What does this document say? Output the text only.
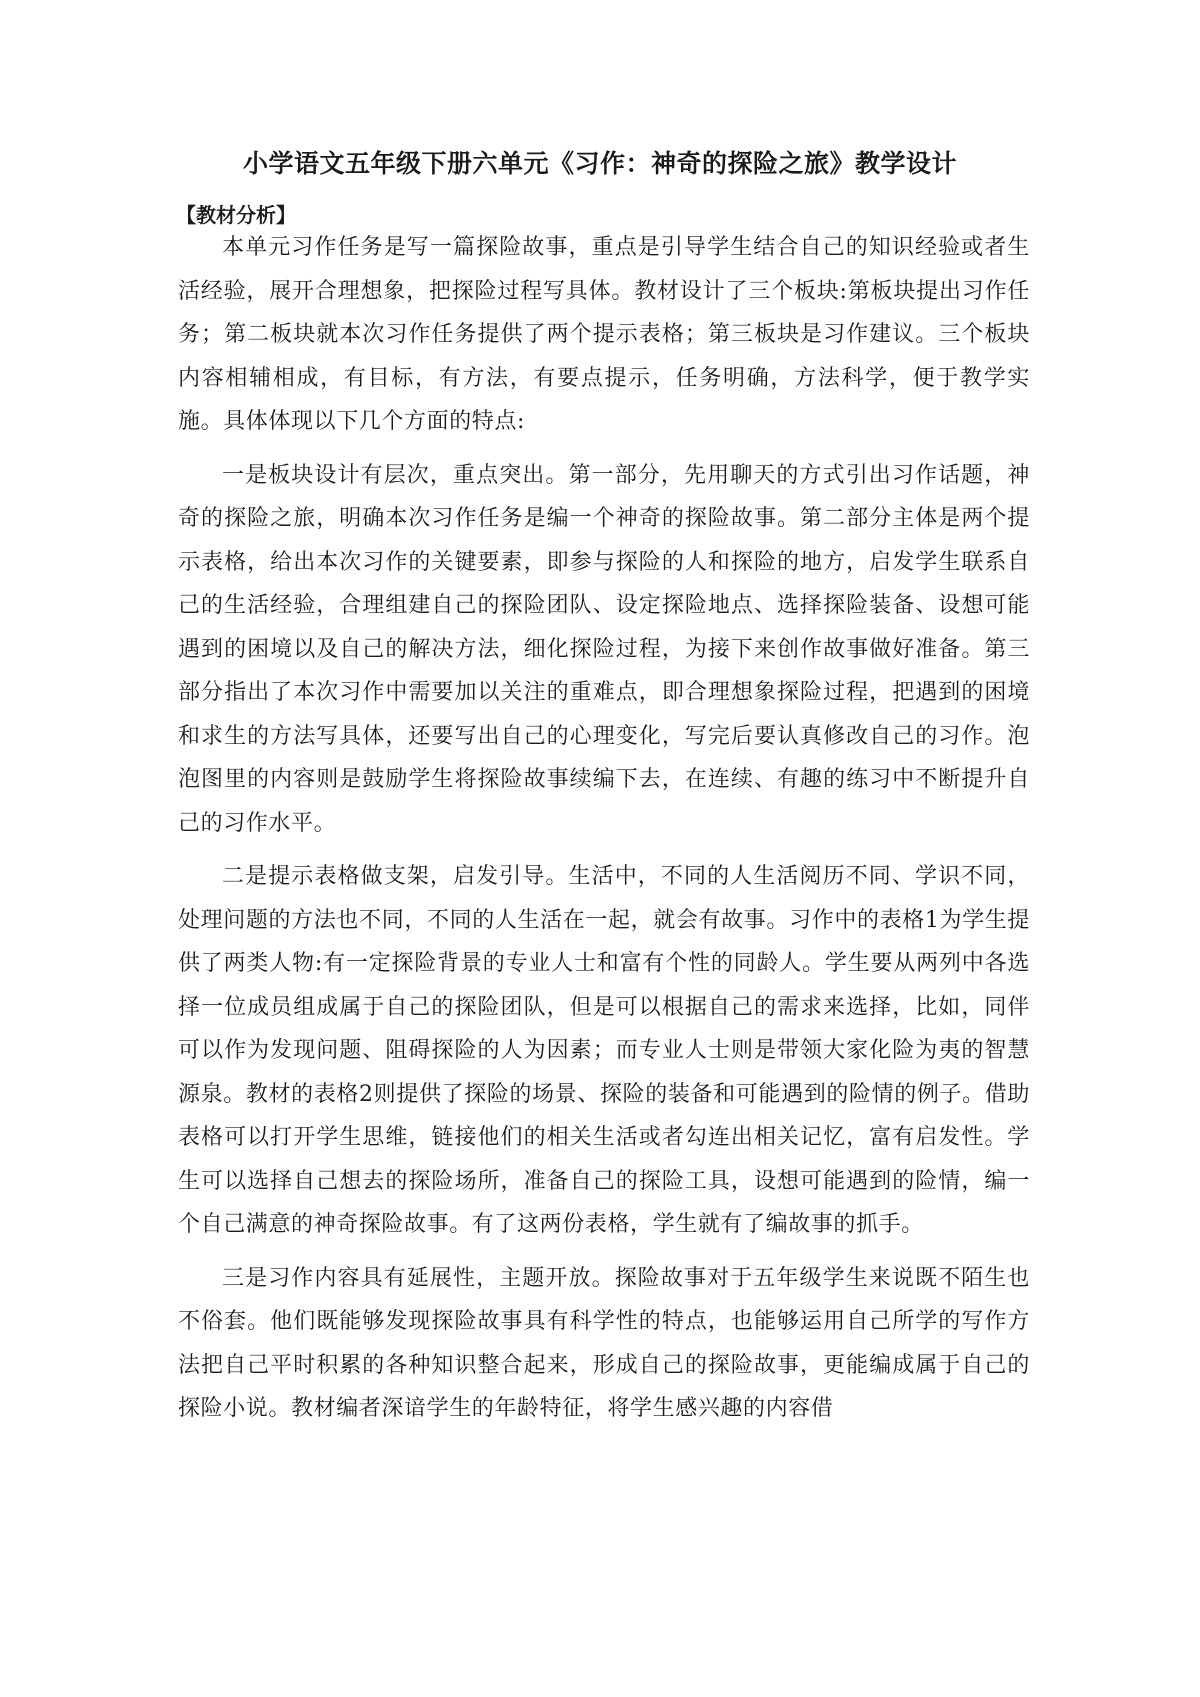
小学语文五年级下册六单元《习作：神奇的探险之旅》教学设计
【教材分析】

本单元习作任务是写一篇探险故事，重点是引导学生结合自己的知识经验或者生活经验，展开合理想象，把探险过程写具体。教材设计了三个板块:第板块提出习作任务；第二板块就本次习作任务提供了两个提示表格；第三板块是习作建议。三个板块内容相辅相成，有目标，有方法，有要点提示，任务明确，方法科学，便于教学实施。具体体现以下几个方面的特点:

一是板块设计有层次，重点突出。第一部分，先用聊天的方式引出习作话题，神奇的探险之旅，明确本次习作任务是编一个神奇的探险故事。第二部分主体是两个提示表格，给出本次习作的关键要素，即参与探险的人和探险的地方，启发学生联系自己的生活经验，合理组建自己的探险团队、设定探险地点、选择探险装备、设想可能遇到的困境以及自己的解决方法，细化探险过程，为接下来创作故事做好准备。第三部分指出了本次习作中需要加以关注的重难点，即合理想象探险过程，把遇到的困境和求生的方法写具体，还要写出自己的心理变化，写完后要认真修改自己的习作。泡泡图里的内容则是鼓励学生将探险故事续编下去，在连续、有趣的练习中不断提升自己的习作水平。

二是提示表格做支架，启发引导。生活中，不同的人生活阅历不同、学识不同，处理问题的方法也不同，不同的人生活在一起，就会有故事。习作中的表格1为学生提供了两类人物:有一定探险背景的专业人士和富有个性的同龄人。学生要从两列中各选择一位成员组成属于自己的探险团队，但是可以根据自己的需求来选择，比如，同伴可以作为发现问题、阻碍探险的人为因素；而专业人士则是带领大家化险为夷的智慧源泉。教材的表格2则提供了探险的场景、探险的装备和可能遇到的险情的例子。借助表格可以打开学生思维，链接他们的相关生活或者勾连出相关记忆，富有启发性。学生可以选择自己想去的探险场所，准备自己的探险工具，设想可能遇到的险情，编一个自己满意的神奇探险故事。有了这两份表格，学生就有了编故事的抓手。

三是习作内容具有延展性，主题开放。探险故事对于五年级学生来说既不陌生也不俗套。他们既能够发现探险故事具有科学性的特点，也能够运用自己所学的写作方法把自己平时积累的各种知识整合起来，形成自己的探险故事，更能编成属于自己的探险小说。教材编者深谙学生的年龄特征，将学生感兴趣的内容借
